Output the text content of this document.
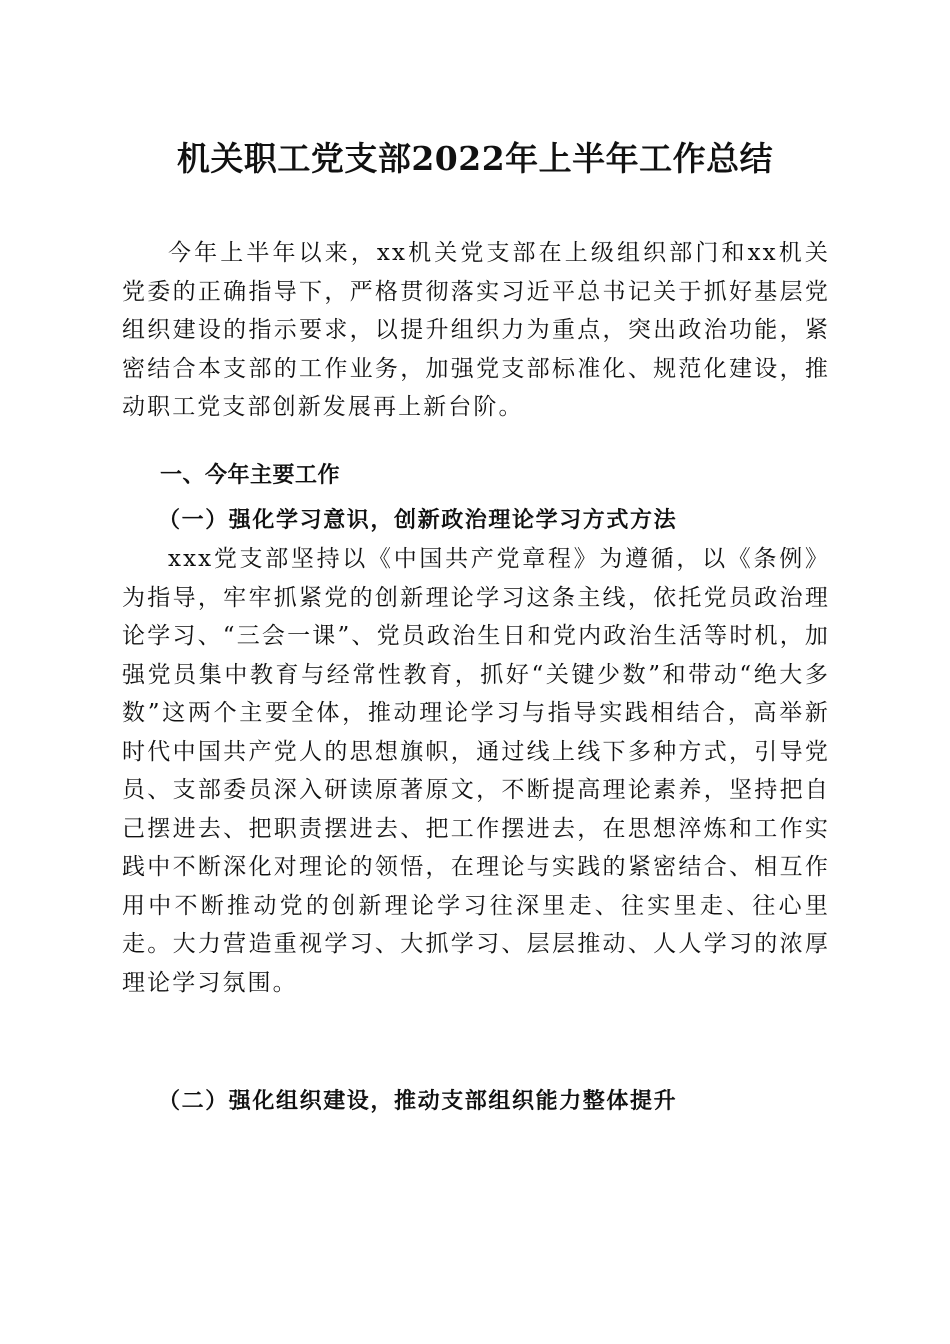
机关职工党支部2022年上半年工作总结

今年上半年以来，xx机关党支部在上级组织部门和xx机关党委的正确指导下，严格贯彻落实习近平总书记关于抓好基层党组织建设的指示要求，以提升组织力为重点，突出政治功能，紧密结合本支部的工作业务，加强党支部标准化、规范化建设，推动职工党支部创新发展再上新台阶。

一、今年主要工作
（一）强化学习意识，创新政治理论学习方式方法

xxx党支部坚持以《中国共产党章程》为遵循，以《条例》为指导，牢牢抓紧党的创新理论学习这条主线，依托党员政治理论学习、“三会一课”、党员政治生日和党内政治生活等时机，加强党员集中教育与经常性教育，抓好“关键少数”和带动“绝大多数”这两个主要全体，推动理论学习与指导实践相结合，高举新时代中国共产党人的思想旗帜，通过线上线下多种方式，引导党员、支部委员深入研读原著原文，不断提高理论素养，坚持把自己摆进去、把职责摆进去、把工作摆进去，在思想淬炼和工作实践中不断深化对理论的领悟，在理论与实践的紧密结合、相互作用中不断推动党的创新理论学习往深里走、往实里走、往心里走。大力营造重视学习、大抓学习、层层推动、人人学习的浓厚理论学习氛围。

（二）强化组织建设，推动支部组织能力整体提升
